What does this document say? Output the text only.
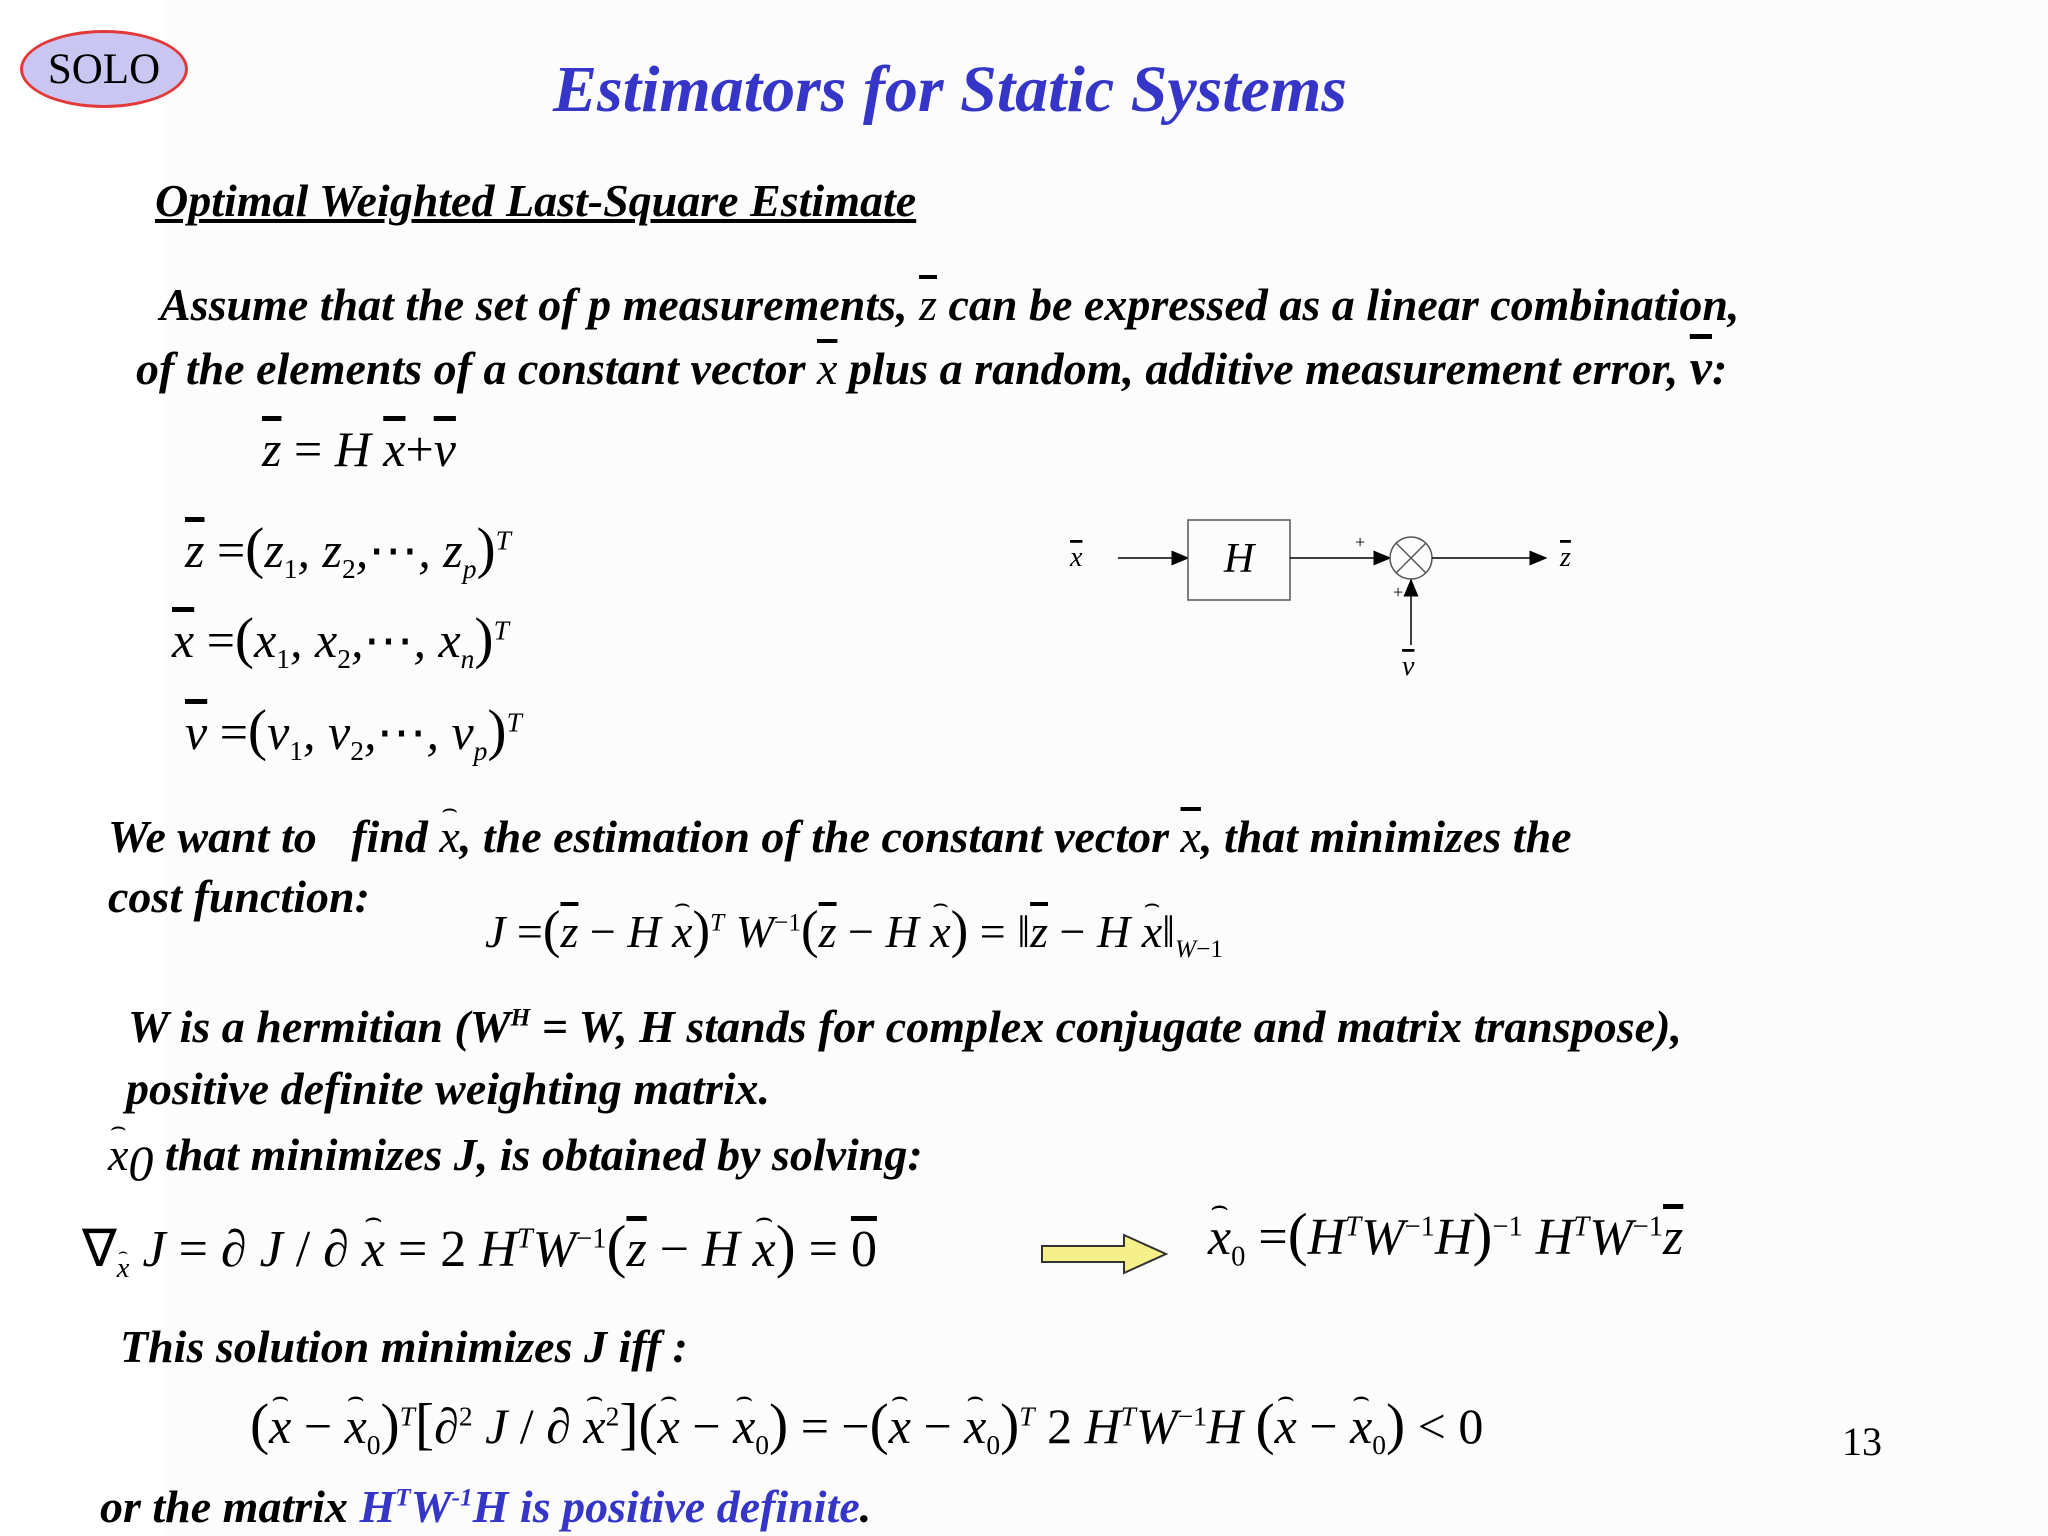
SOLO	Estimators for Static Systems
Optimal Weighted Last-Square Estimate
Assume that the set of p measurements, $\overline{z}$ can be expressed as a linear combination,
of the elements of a constant vector $\overline{x}$ plus a random, additive measurement error, $\overline{v}$:
$\overline{z} = H$ $\overline{x}+\overline{v}$
$\overline{z} =(z_1$, $z_2,\cdots$, $z_p)^T$
$\overline{x} =(x_1$, $x_2,\cdots$, $x_n)^T$
$\overline{v} =(v_1$, $v_2,\cdots$, $v_p)^T$
x	H	+
+
v
z
We want to find ⌢ x, the estimation of the constant vector $\overline{x}$, that minimizes the
cost function:
$J =(\overline{z} - H$ ⌢ x)$^T$ $W^{-1}(\overline{z} - H$ ⌢ $x) = ‖\overline{z} - H$ ⌢ $x‖_{W-1}$
W is a hermitian ($W^H = W$, H stands for complex conjugate and matrix transpose),
positive definite weighting matrix.
⌢ $x_0$ that minimizes J, is obtained by solving:
∇⌢ $_x$ J = ∂ J / ∂ ⌢ x = 2 $H^TW^{-1}(\overline{z} - H$ ⌢ x) = 0	⌢ $x_0 =(H^TW^{-1}H)^{-1}$ $H^TW^{-1}\overline{z}$
This solution minimizes J iff :
(⌢ x − ⌢ $x_0)^T[\partial^2$ J / ∂ ⌢ $x^2](⌢$ x − ⌢ $x_0$) = −(⌢ x − ⌢ $x_0)^T$ 2 $H^TW^{-1}H$ (⌢ x − ⌢ $x_0) < 0$
or the matrix $H^TW^{-1}H$ is positive definite.
13
